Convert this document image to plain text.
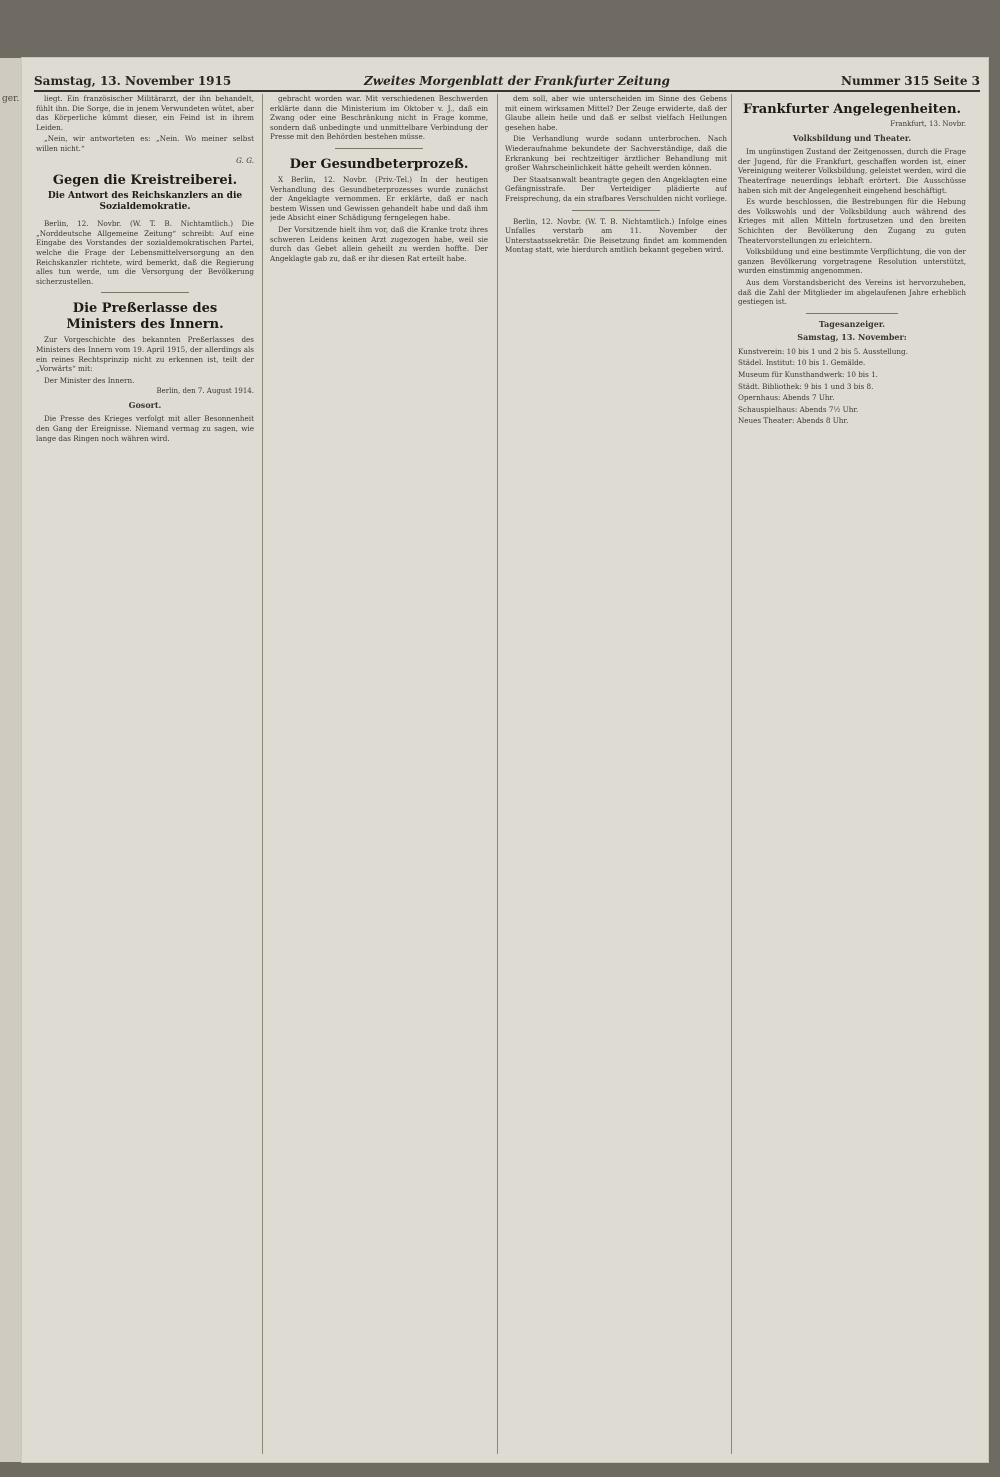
ger.
Samstag, 13. November 1915	Zweites Morgenblatt der Frankfurter Zeitung	Nummer 315 Seite 3

liegt. Ein französischer Militärarzt, der ihn behandelt, fühlt ihn. Die Sorge, die in jenem Verwundeten wütet, aber das Körperliche kümmt dieser, ein Feind ist in ihrem Leiden.

„Nein, wir antworteten es: „Nein. Wo meiner selbst willen nicht.“

G. G.
Gegen die Kreistreiberei.
Die Antwort des Reichskanzlers an die Sozialdemokratie.

Berlin, 12. Novbr. (W. T. B. Nichtamtlich.) Die „Norddeutsche Allgemeine Zeitung“ schreibt: Auf eine Eingabe des Vorstandes der sozialdemokratischen Partei, welche die Frage der Lebensmittelversorgung an den Reichskanzler richtete, wird bemerkt, daß die Regierung alles tun werde, um die Versorgung der Bevölkerung sicherzustellen.

Die Preßerlasse des Ministers des Innern.

Zur Vorgeschichte des bekannten Preßerlasses des Ministers des Innern vom 19. April 1915, der allerdings als ein reines Rechtsprinzip nicht zu erkennen ist, teilt der „Vorwärts“ mit:

Der Minister des Innern.

Berlin, den 7. August 1914.
Gosort.

Die Presse des Krieges verfolgt mit aller Besonnenheit den Gang der Ereignisse. Niemand vermag zu sagen, wie lange das Ringen noch währen wird.

gebracht worden war. Mit verschiedenen Beschwerden erklärte dann die Ministerium im Oktober v. J., daß ein Zwang oder eine Beschränkung nicht in Frage komme, sondern daß unbedingte und unmittelbare Verbindung der Presse mit den Behörden bestehen müsse.

Der Gesundbeterprozeß.

X Berlin, 12. Novbr. (Priv.-Tel.) In der heutigen Verhandlung des Gesundbeterprozesses wurde zunächst der Angeklagte vernommen. Er erklärte, daß er nach bestem Wissen und Gewissen gehandelt habe und daß ihm jede Absicht einer Schädigung ferngelegen habe.

Der Vorsitzende hielt ihm vor, daß die Kranke trotz ihres schweren Leidens keinen Arzt zugezogen habe, weil sie durch das Gebet allein geheilt zu werden hoffte. Der Angeklagte gab zu, daß er ihr diesen Rat erteilt habe.

dem soll, aber wie unterscheiden im Sinne des Gebens mit einem wirksamen Mittel? Der Zeuge erwiderte, daß der Glaube allein heile und daß er selbst vielfach Heilungen gesehen habe.

Die Verhandlung wurde sodann unterbrochen. Nach Wiederaufnahme bekundete der Sachverständige, daß die Erkrankung bei rechtzeitiger ärztlicher Behandlung mit großer Wahrscheinlichkeit hätte geheilt werden können.

Der Staatsanwalt beantragte gegen den Angeklagten eine Gefängnisstrafe. Der Verteidiger plädierte auf Freisprechung, da ein strafbares Verschulden nicht vorliege.

Berlin, 12. Novbr. (W. T. B. Nichtamtlich.) Infolge eines Unfalles verstarb am 11. November der Unterstaatssekretär. Die Beisetzung findet am kommenden Montag statt, wie hierdurch amtlich bekannt gegeben wird.

Frankfurter Angelegenheiten.
Frankfurt, 13. Novbr.
Volksbildung und Theater.

Im ungünstigen Zustand der Zeitgenossen, durch die Frage der Jugend, für die Frankfurt, geschaffen worden ist, einer Vereinigung weiterer Volksbildung, geleistet werden, wird die Theaterfrage neuerdings lebhaft erörtert. Die Ausschüsse haben sich mit der Angelegenheit eingehend beschäftigt.

Es wurde beschlossen, die Bestrebungen für die Hebung des Volkswohls und der Volksbildung auch während des Krieges mit allen Mitteln fortzusetzen und den breiten Schichten der Bevölkerung den Zugang zu guten Theatervorstellungen zu erleichtern.

Volksbildung und eine bestimmte Verpflichtung, die von der ganzen Bevölkerung vorgetragene Resolution unterstützt, wurden einstimmig angenommen.

Aus dem Vorstandsbericht des Vereins ist hervorzuheben, daß die Zahl der Mitglieder im abgelaufenen Jahre erheblich gestiegen ist.

Tagesanzeiger.
Samstag, 13. November:
Kunstverein: 10 bis 1 und 2 bis 5. Ausstellung.
Städel. Institut: 10 bis 1. Gemälde.
Museum für Kunsthandwerk: 10 bis 1.
Städt. Bibliothek: 9 bis 1 und 3 bis 8.
Opernhaus: Abends 7 Uhr.
Schauspielhaus: Abends 7½ Uhr.
Neues Theater: Abends 8 Uhr.
